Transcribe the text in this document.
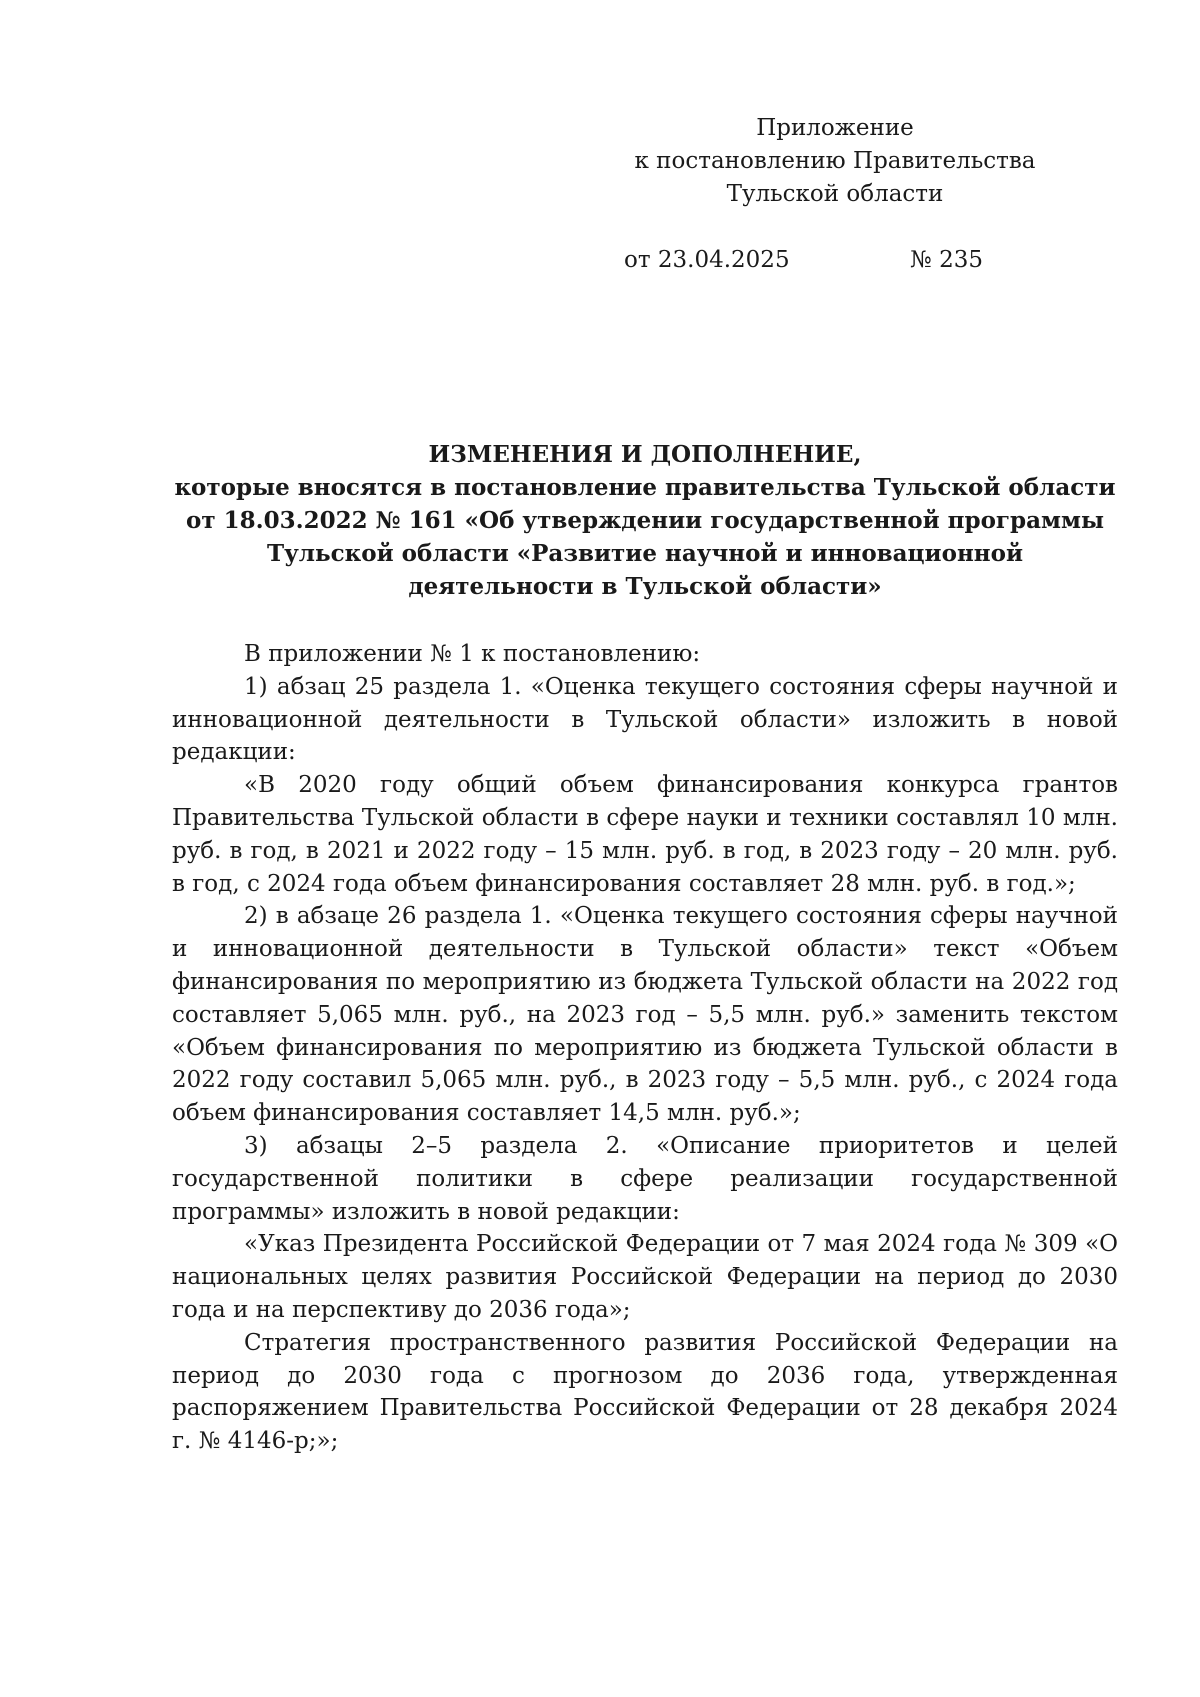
Приложение
к постановлению Правительства
Тульской области
от 23.04.2025	№ 235
ИЗМЕНЕНИЯ И ДОПОЛНЕНИЕ,
которые вносятся в постановление правительства Тульской области
от 18.03.2022 № 161 «Об утверждении государственной программы
Тульской области «Развитие научной и инновационной
деятельности в Тульской области»

В приложении № 1 к постановлению:

1) абзац 25 раздела 1. «Оценка текущего состояния сферы научной и инновационной деятельности в Тульской области» изложить в новой редакции:

«В 2020 году общий объем финансирования конкурса грантов Правительства Тульской области в сфере науки и техники составлял 10 млн. руб. в год, в 2021 и 2022 году – 15 млн. руб. в год, в 2023 году – 20 млн. руб. в год, с 2024 года объем финансирования составляет 28 млн. руб. в год.»;

2) в абзаце 26 раздела 1. «Оценка текущего состояния сферы научной и инновационной деятельности в Тульской области» текст «Объем финансирования по мероприятию из бюджета Тульской области на 2022 год составляет 5,065 млн. руб., на 2023 год – 5,5 млн. руб.» заменить текстом «Объем финансирования по мероприятию из бюджета Тульской области в 2022 году составил 5,065 млн. руб., в 2023 году – 5,5 млн. руб., с 2024 года объем финансирования составляет 14,5 млн. руб.»;

3) абзацы 2–5 раздела 2. «Описание приоритетов и целей государственной политики в сфере реализации государственной программы» изложить в новой редакции:

«Указ Президента Российской Федерации от 7 мая 2024 года № 309 «О национальных целях развития Российской Федерации на период до 2030 года и на перспективу до 2036 года»;

Стратегия пространственного развития Российской Федерации на период до 2030 года с прогнозом до 2036 года, утвержденная распоряжением Правительства Российской Федерации от 28 декабря 2024 г. № 4146-р;»;
